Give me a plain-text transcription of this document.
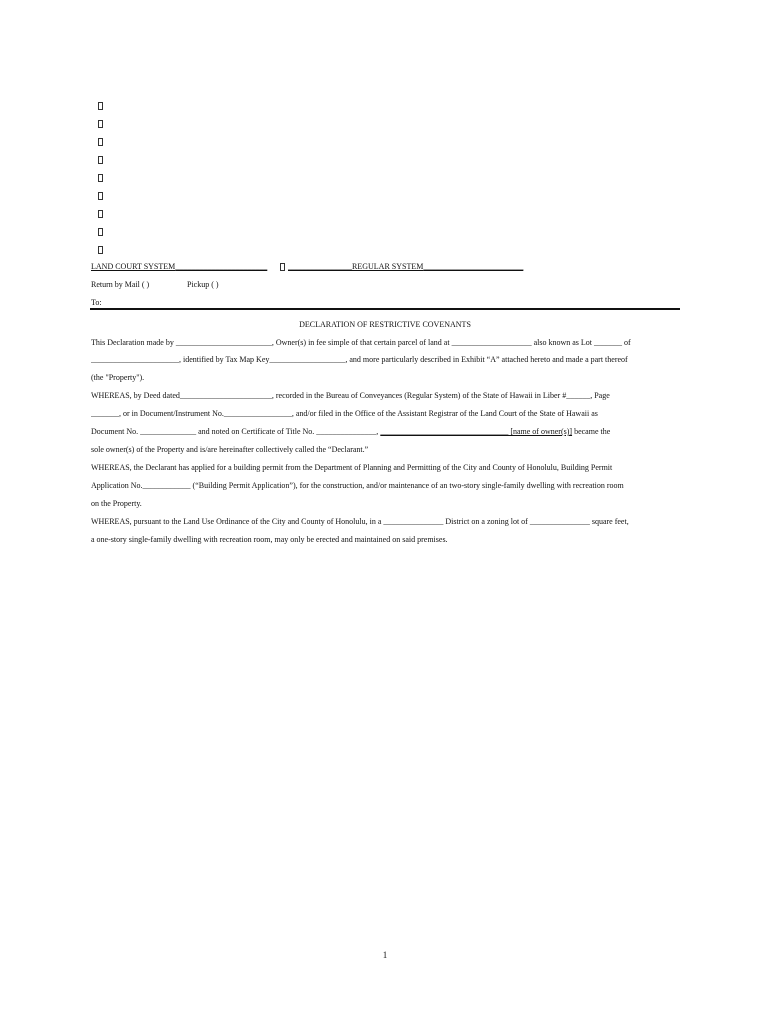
LAND COURT SYSTEM_______________________	________________REGULAR SYSTEM_________________________
Return by Mail ( )	Pickup ( )
To:
DECLARATION OF RESTRICTIVE COVENANTS
This Declaration made by ________________________, Owner(s) in fee simple of that certain parcel of land at ____________________ also known as Lot _______ of
______________________, identified by Tax Map Key___________________, and more particularly described in Exhibit “A” attached hereto and made a part thereof
(the "Property").
WHEREAS, by Deed dated_______________________, recorded in the Bureau of Conveyances (Regular System) of the State of Hawaii in Liber #______, Page
_______, or in Document/Instrument No._________________, and/or filed in the Office of the Assistant Registrar of the Land Court of the State of Hawaii as
Document No. ______________ and noted on Certificate of Title No. _______________, ________________________________ [name of owner(s)] became the
sole owner(s) of the Property and is/are hereinafter collectively called the “Declarant.”
WHEREAS, the Declarant has applied for a building permit from the Department of Planning and Permitting of the City and County of Honolulu, Building Permit
Application No.____________ (“Building Permit Application”), for the construction, and/or maintenance of an two-story single-family dwelling with recreation room
on the Property.
WHEREAS, pursuant to the Land Use Ordinance of the City and County of Honolulu, in a _______________ District on a zoning lot of _______________ square feet,
a one-story single-family dwelling with recreation room, may only be erected and maintained on said premises.
1
